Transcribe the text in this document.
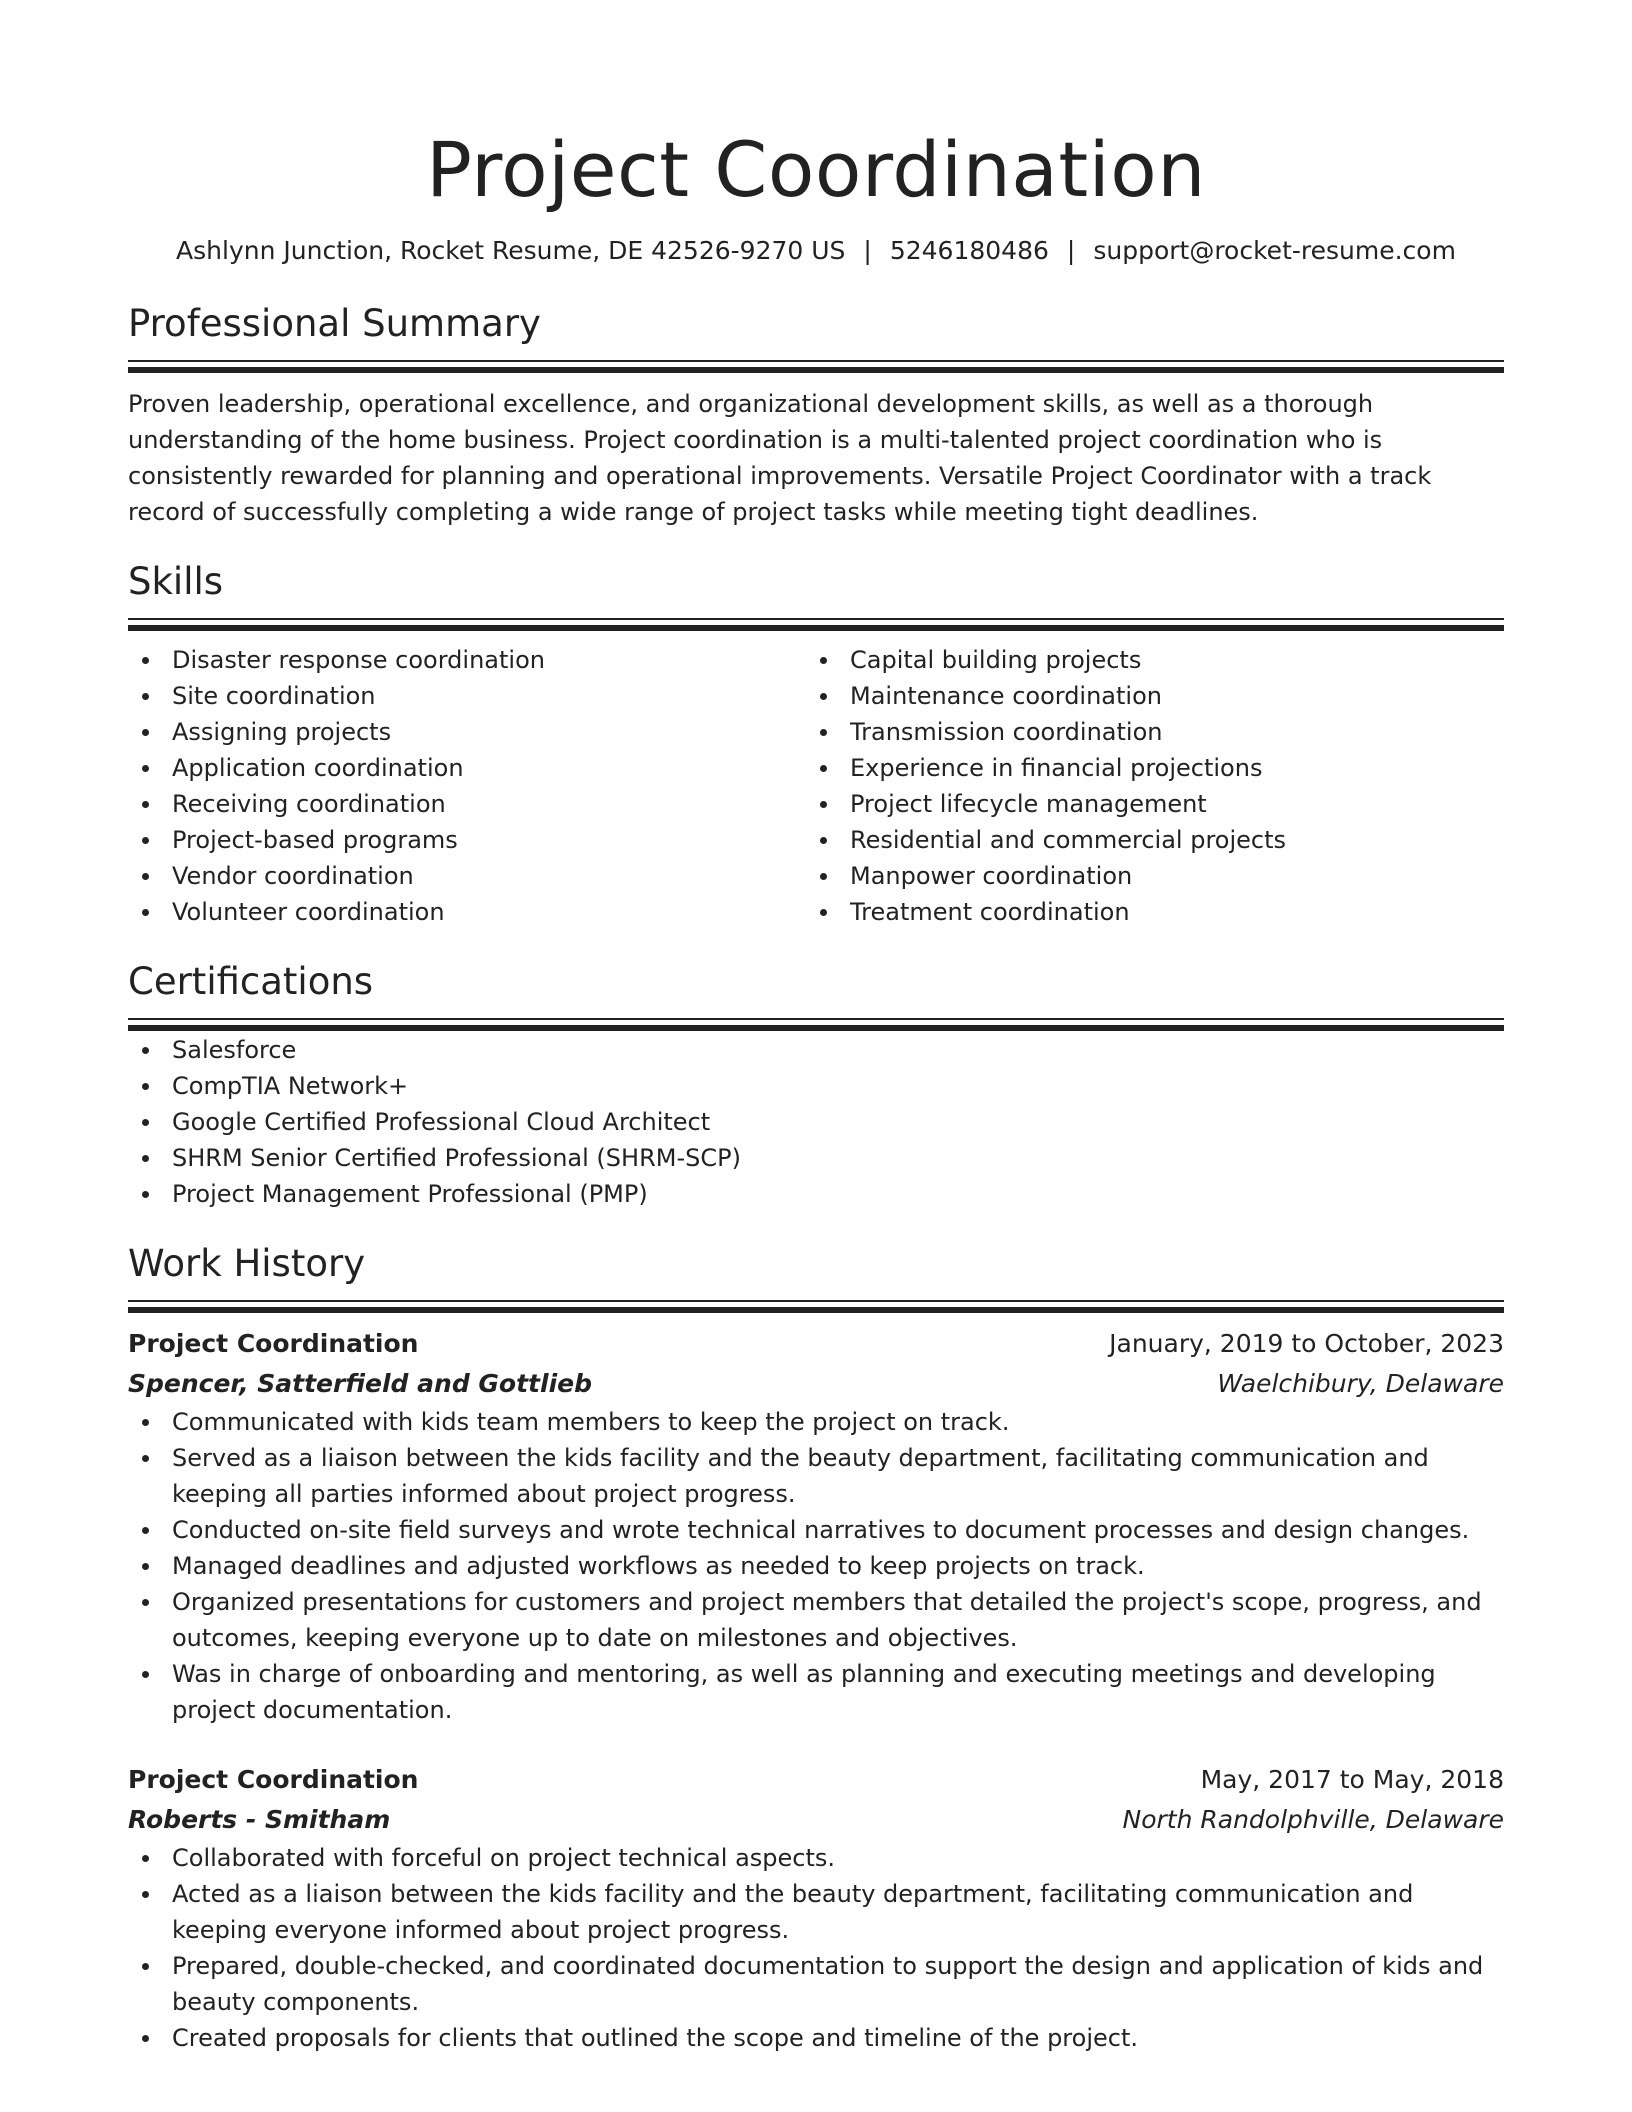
Project Coordination
Ashlynn Junction, Rocket Resume, DE 42526-9270 US | 5246180486 | support@rocket-resume.com
Professional Summary
Proven leadership, operational excellence, and organizational development skills, as well as a thorough understanding of the home business. Project coordination is a multi-talented project coordination who is consistently rewarded for planning and operational improvements. Versatile Project Coordinator with a track record of successfully completing a wide range of project tasks while meeting tight deadlines.
Skills
Disaster response coordination
Site coordination
Assigning projects
Application coordination
Receiving coordination
Project-based programs
Vendor coordination
Volunteer coordination
Capital building projects
Maintenance coordination
Transmission coordination
Experience in financial projections
Project lifecycle management
Residential and commercial projects
Manpower coordination
Treatment coordination
Certifications
Salesforce
CompTIA Network+
Google Certified Professional Cloud Architect
SHRM Senior Certified Professional (SHRM-SCP)
Project Management Professional (PMP)
Work History
Project Coordination	January, 2019 to October, 2023
Spencer, Satterfield and Gottlieb	Waelchibury, Delaware
Communicated with kids team members to keep the project on track.
Served as a liaison between the kids facility and the beauty department, facilitating communication and keeping all parties informed about project progress.
Conducted on-site field surveys and wrote technical narratives to document processes and design changes.
Managed deadlines and adjusted workflows as needed to keep projects on track.
Organized presentations for customers and project members that detailed the project's scope, progress, and outcomes, keeping everyone up to date on milestones and objectives.
Was in charge of onboarding and mentoring, as well as planning and executing meetings and developing project documentation.
Project Coordination	May, 2017 to May, 2018
Roberts - Smitham	North Randolphville, Delaware
Collaborated with forceful on project technical aspects.
Acted as a liaison between the kids facility and the beauty department, facilitating communication and keeping everyone informed about project progress.
Prepared, double-checked, and coordinated documentation to support the design and application of kids and beauty components.
Created proposals for clients that outlined the scope and timeline of the project.
